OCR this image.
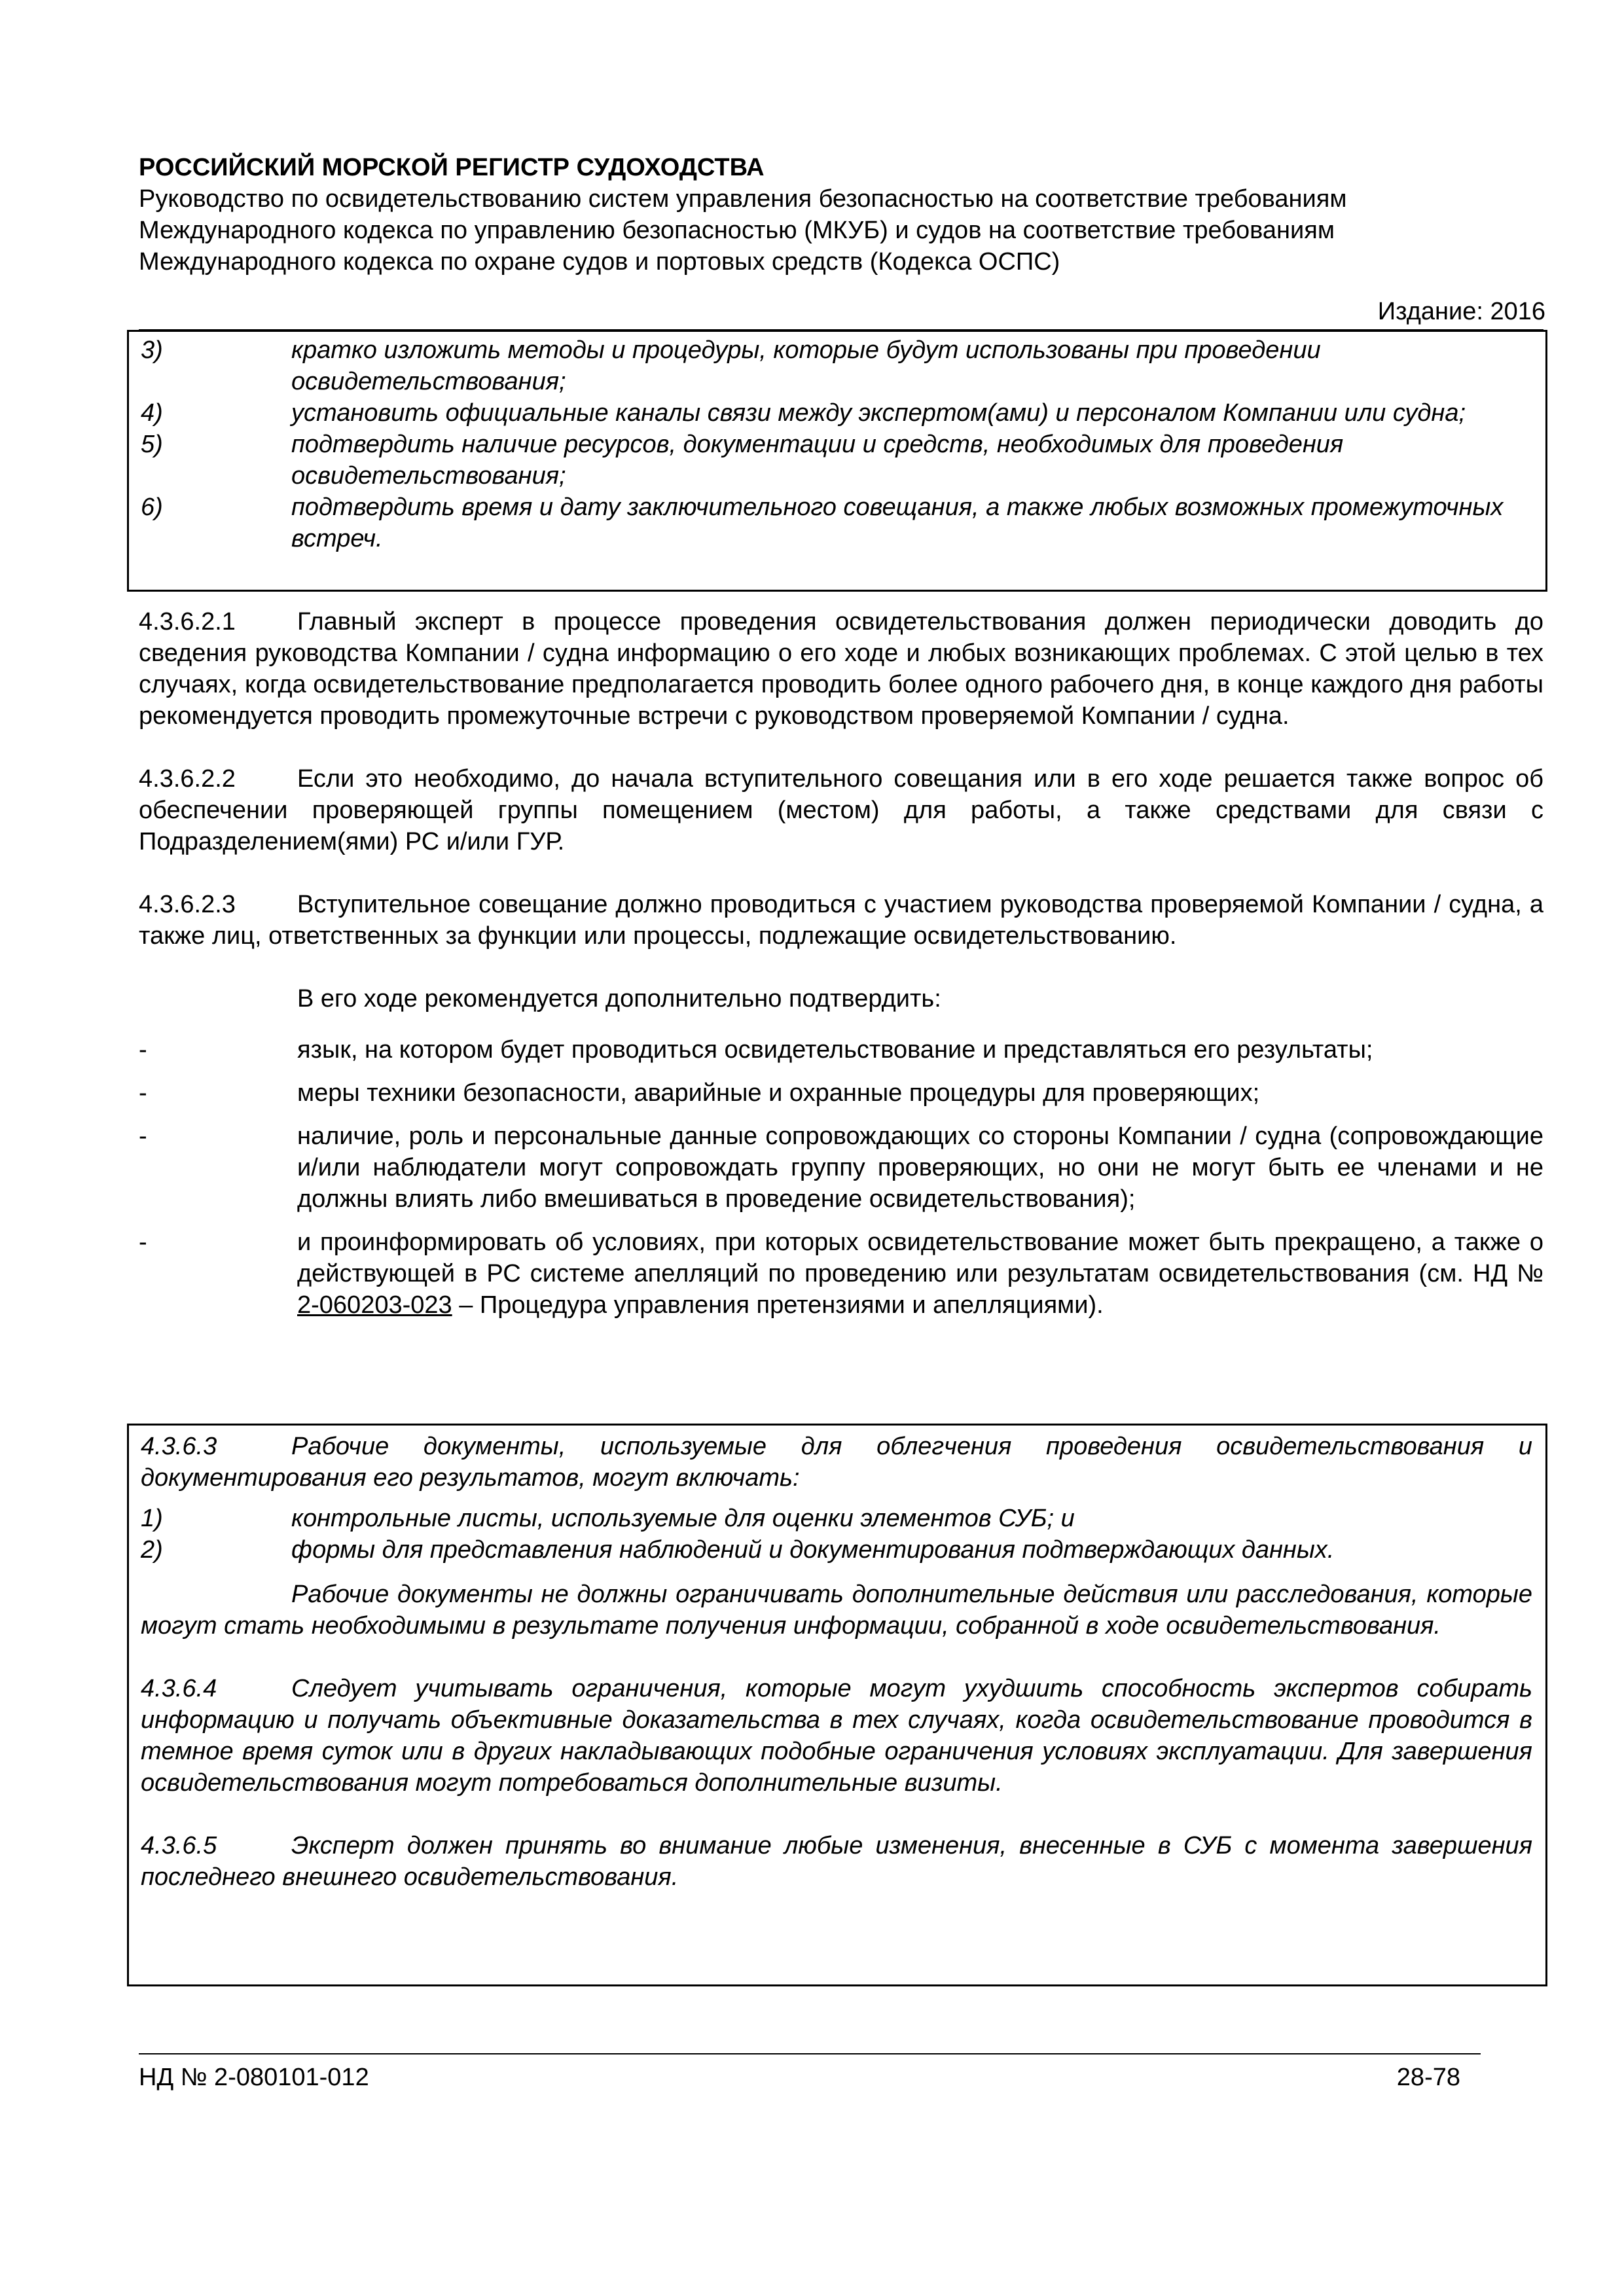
РОССИЙСКИЙ МОРСКОЙ РЕГИСТР СУДОХОДСТВА
Руководство по освидетельствованию систем управления безопасностью на соответствие требованиям
Международного кодекса по управлению безопасностью (МКУБ) и судов на соответствие требованиям
Международного кодекса по охране судов и портовых средств (Кодекса ОСПС)
Издание: 2016
3)	кратко изложить методы и процедуры, которые будут использованы при проведении освидетельствования;
4)	установить официальные каналы связи между экспертом(ами) и персоналом Компании или судна;
5)	подтвердить наличие ресурсов, документации и средств, необходимых для проведения освидетельствования;
6)	подтвердить время и дату заключительного совещания, а также любых возможных промежуточных встреч.
4.3.6.2.1 Главный эксперт в процессе проведения освидетельствования должен периодически доводить до сведения руководства Компании / судна информацию о его ходе и любых возникающих проблемах. С этой целью в тех случаях, когда освидетельствование предполагается проводить более одного рабочего дня, в конце каждого дня работы рекомендуется проводить промежуточные встречи с руководством проверяемой Компании / судна.
4.3.6.2.2 Если это необходимо, до начала вступительного совещания или в его ходе решается также вопрос об обеспечении проверяющей группы помещением (местом) для работы, а также средствами для связи с Подразделением(ями) РС и/или ГУР.
4.3.6.2.3 Вступительное совещание должно проводиться с участием руководства проверяемой Компании / судна, а также лиц, ответственных за функции или процессы, подлежащие освидетельствованию.
В его ходе рекомендуется дополнительно подтвердить:
-	язык, на котором будет проводиться освидетельствование и представляться его результаты;
-	меры техники безопасности, аварийные и охранные процедуры для проверяющих;
-	наличие, роль и персональные данные сопровождающих со стороны Компании / судна (сопровождающие и/или наблюдатели могут сопровождать группу проверяющих, но они не могут быть ее членами и не должны влиять либо вмешиваться в проведение освидетельствования);
-	и проинформировать об условиях, при которых освидетельствование может быть прекращено, а также о действующей в РС системе апелляций по проведению или результатам освидетельствования (см. НД № 2-060203-023 – Процедура управления претензиями и апелляциями).
4.3.6.3	Рабочие документы, используемые для облегчения проведения освидетельствования и документирования его результатов, могут включать:
1)	контрольные листы, используемые для оценки элементов СУБ; и
2)	формы для представления наблюдений и документирования подтверждающих данных.
Рабочие документы не должны ограничивать дополнительные действия или расследования, которые могут стать необходимыми в результате получения информации, собранной в ходе освидетельствования.
4.3.6.4	Следует учитывать ограничения, которые могут ухудшить способность экспертов собирать информацию и получать объективные доказательства в тех случаях, когда освидетельствование проводится в темное время суток или в других накладывающих подобные ограничения условиях эксплуатации. Для завершения освидетельствования могут потребоваться дополнительные визиты.
4.3.6.5	Эксперт должен принять во внимание любые изменения, внесенные в СУБ с момента завершения последнего внешнего освидетельствования.
НД № 2-080101-012	28-78
